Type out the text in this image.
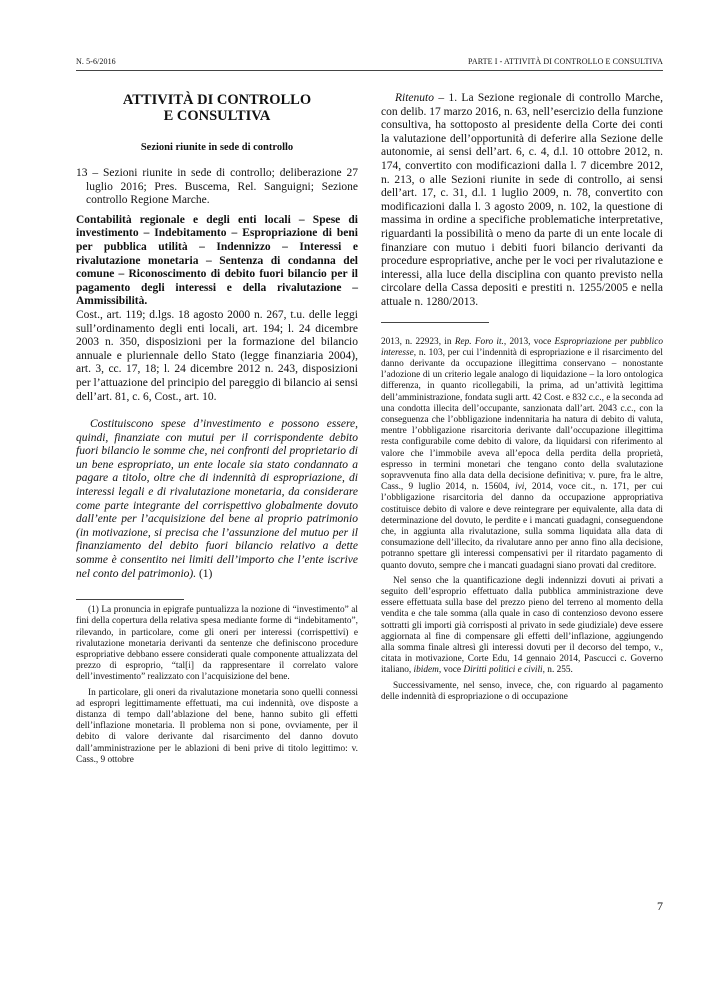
N. 5-6/2016	PARTE I - ATTIVITÀ DI CONTROLLO E CONSULTIVA
ATTIVITÀ DI CONTROLLO
E CONSULTIVA
Sezioni riunite in sede di controllo

13 – Sezioni riunite in sede di controllo; deliberazione 27 luglio 2016; Pres. Buscema, Rel. Sanguigni; Sezione controllo Regione Marche.

Contabilità regionale e degli enti locali – Spese di investimento – Indebitamento – Espropriazione di beni per pubblica utilità – Indennizzo – Interessi e rivalutazione monetaria – Sentenza di condanna del comune – Riconoscimento di debito fuori bilancio per il pagamento degli interessi e della rivalutazione – Ammissibilità.

Cost., art. 119; d.lgs. 18 agosto 2000 n. 267, t.u. delle leggi sull’ordinamento degli enti locali, art. 194; l. 24 dicembre 2003 n. 350, disposizioni per la formazione del bilancio annuale e pluriennale dello Stato (legge finanziaria 2004), art. 3, cc. 17, 18; l. 24 dicembre 2012 n. 243, disposizioni per l’attuazione del principio del pareggio di bilancio ai sensi dell’art. 81, c. 6, Cost., art. 10.

Costituiscono spese d’investimento e possono essere, quindi, finanziate con mutui per il corrispondente debito fuori bilancio le somme che, nei confronti del proprietario di un bene espropriato, un ente locale sia stato condannato a pagare a titolo, oltre che di indennità di espropriazione, di interessi legali e di rivalutazione monetaria, da considerare come parte integrante del corrispettivo globalmente dovuto dall’ente per l’acquisizione del bene al proprio patrimonio (in motivazione, si precisa che l’assunzione del mutuo per il finanziamento del debito fuori bilancio relativo a dette somme è consentito nei limiti dell’importo che l’ente iscrive nel conto del patrimonio). (1)

(1) La pronuncia in epigrafe puntualizza la nozione di “investimento” al fini della copertura della relativa spesa mediante forme di “indebitamento”, rilevando, in particolare, come gli oneri per interessi (corrispettivi) e rivalutazione monetaria derivanti da sentenze che definiscono procedure espropriative debbano essere considerati quale componente attualizzata del prezzo di esproprio, “tal[i] da rappresentare il correlato valore dell’investimento” realizzato con l’acquisizione del bene.

In particolare, gli oneri da rivalutazione monetaria sono quelli connessi ad espropri legittimamente effettuati, ma cui indennità, ove disposte a distanza di tempo dall’ablazione del bene, hanno subito gli effetti dell’inflazione monetaria. Il problema non si pone, ovviamente, per il debito di valore derivante dal risarcimento del danno dovuto dall’amministrazione per le ablazioni di beni prive di titolo legittimo: v. Cass., 9 ottobre

Ritenuto – 1. La Sezione regionale di controllo Marche, con delib. 17 marzo 2016, n. 63, nell’esercizio della funzione consultiva, ha sottoposto al presidente della Corte dei conti la valutazione dell’opportunità di deferire alla Sezione delle autonomie, ai sensi dell’art. 6, c. 4, d.l. 10 ottobre 2012, n. 174, convertito con modificazioni dalla l. 7 dicembre 2012, n. 213, o alle Sezioni riunite in sede di controllo, ai sensi dell’art. 17, c. 31, d.l. 1 luglio 2009, n. 78, convertito con modificazioni dalla l. 3 agosto 2009, n. 102, la questione di massima in ordine a specifiche problematiche interpretative, riguardanti la possibilità o meno da parte di un ente locale di finanziare con mutuo i debiti fuori bilancio derivanti da procedure espropriative, anche per le voci per rivalutazione e interessi, alla luce della disciplina con quanto previsto nella circolare della Cassa depositi e prestiti n. 1255/2005 e nella attuale n. 1280/2013.

2013, n. 22923, in Rep. Foro it., 2013, voce Espropriazione per pubblico interesse, n. 103, per cui l’indennità di espropriazione e il risarcimento del danno derivante da occupazione illegittima conservano – nonostante l’adozione di un criterio legale analogo di liquidazione – la loro ontologica differenza, in quanto ricollegabili, la prima, ad un’attività legittima dell’amministrazione, fondata sugli artt. 42 Cost. e 832 c.c., e la seconda ad una condotta illecita dell’occupante, sanzionata dall’art. 2043 c.c., con la conseguenza che l’obbligazione indennitaria ha natura di debito di valuta, mentre l’obbligazione risarcitoria derivante dall’occupazione illegittima resta configurabile come debito di valore, da liquidarsi con riferimento al valore che l’immobile aveva all’epoca della perdita della proprietà, espresso in termini monetari che tengano conto della svalutazione sopravvenuta fino alla data della decisione definitiva; v. pure, fra le altre, Cass., 9 luglio 2014, n. 15604, ivi, 2014, voce cit., n. 171, per cui l’obbligazione risarcitoria del danno da occupazione appropriativa costituisce debito di valore e deve reintegrare per equivalente, alla data di determinazione del dovuto, le perdite e i mancati guadagni, conseguendone che, in aggiunta alla rivalutazione, sulla somma liquidata alla data di consumazione dell’illecito, da rivalutare anno per anno fino alla decisione, potranno spettare gli interessi compensativi per il ritardato pagamento di quanto dovuto, sempre che i mancati guadagni siano provati dal creditore.

Nel senso che la quantificazione degli indennizzi dovuti ai privati a seguito dell’esproprio effettuato dalla pubblica amministrazione deve essere effettuata sulla base del prezzo pieno del terreno al momento della vendita e che tale somma (alla quale in caso di contenzioso devono essere sottratti gli importi già corrisposti al privato in sede giudiziale) deve essere aggiornata al fine di compensare gli effetti dell’inflazione, aggiungendo alla somma finale altresì gli interessi dovuti per il decorso del tempo, v., citata in motivazione, Corte Edu, 14 gennaio 2014, Pascucci c. Governo italiano, ibidem, voce Diritti politici e civili, n. 255.

Successivamente, nel senso, invece, che, con riguardo al pagamento delle indennità di espropriazione o di occupazione

7
